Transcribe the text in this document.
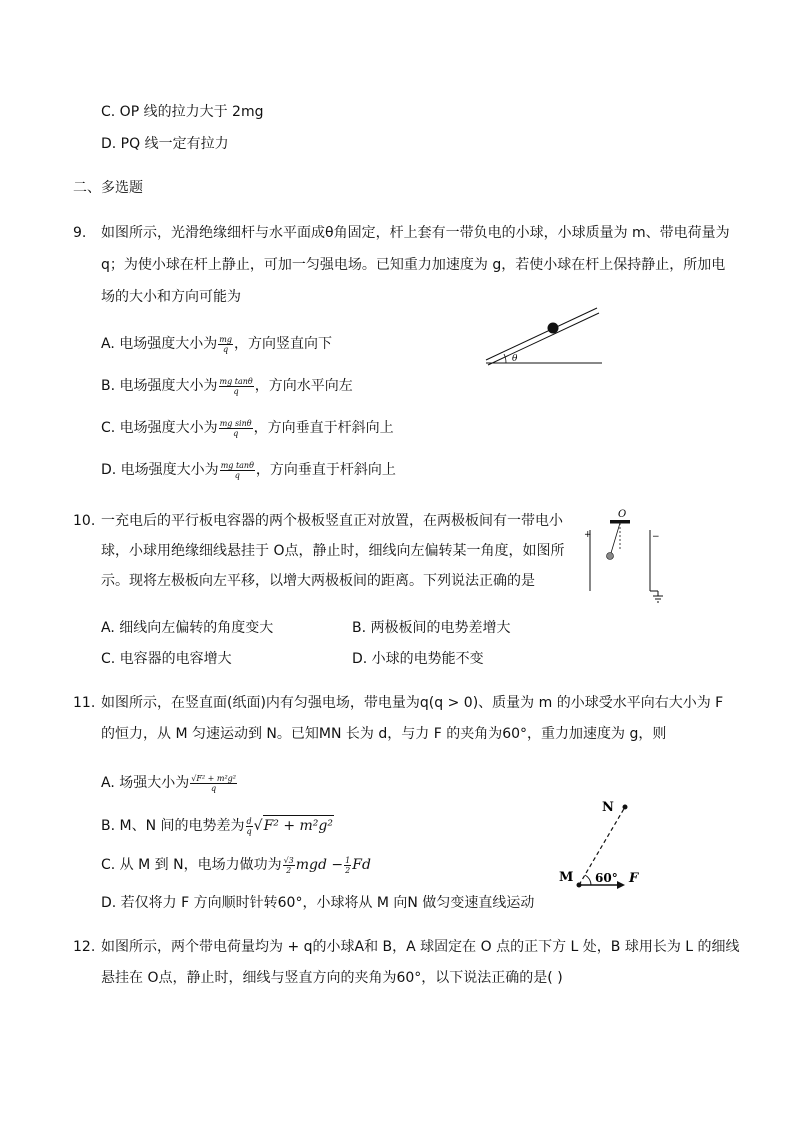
C. OP 线的拉力大于 2mg
D. PQ 线一定有拉力
二、多选题
9. 如图所示，光滑绝缘细杆与水平面成θ角固定，杆上套有一带负电的小球，小球质量为 m、带电荷量为
q；为使小球在杆上静止，可加一匀强电场。已知重力加速度为 g，若使小球在杆上保持静止，所加电
场的大小和方向可能为
A. 电场强度大小为 $\frac{mg}{q}$ ，方向竖直向下
B. 电场强度大小为 $\frac{\text{mg tanθ}}{q}$ ，方向水平向左
C. 电场强度大小为 $\frac{\text{mg sinθ}}{q}$ ，方向垂直于杆斜向上
D. 电场强度大小为 $\frac{\text{mg tanθ}}{q}$ ，方向垂直于杆斜向上
θ
10. 一充电后的平行板电容器的两个极板竖直正对放置，在两极板间有一带电小
球，小球用绝缘细线悬挂于 O点，静止时，细线向左偏转某一角度，如图所
示。现将左极板向左平移，以增大两极板间的距离。下列说法正确的是
A. 细线向左偏转的角度变大	B. 两极板间的电势差增大
C. 电容器的电容增大	D. 小球的电势能不变
O
+	−
11. 如图所示，在竖直面(纸面)内有匀强电场，带电量为q(q > 0)、质量为 m 的小球受水平向右大小为 F
的恒力，从 M 匀速运动到 N。已知MN 长为 d，与力 F 的夹角为60°，重力加速度为 g，则
A. 场强大小为 $\frac{\text{√F² + m²g²}}{q}$
B. M、N 间的电势差为 $\frac{d}{q} √F^2 + m^2g^2$
C. 从 M 到 N，电场力做功为 $\frac{√3}{2}$ mgd − $\frac{1}{2}$ Fd
D. 若仅将力 F 方向顺时针转60°，小球将从 M 向N 做匀变速直线运动
N
M 60° F
12. 如图所示，两个带电荷量均为 + q的小球A和 B，A 球固定在 O 点的正下方 L 处，B 球用长为 L 的细线
悬挂在 O点，静止时，细线与竖直方向的夹角为60°，以下说法正确的是( )
